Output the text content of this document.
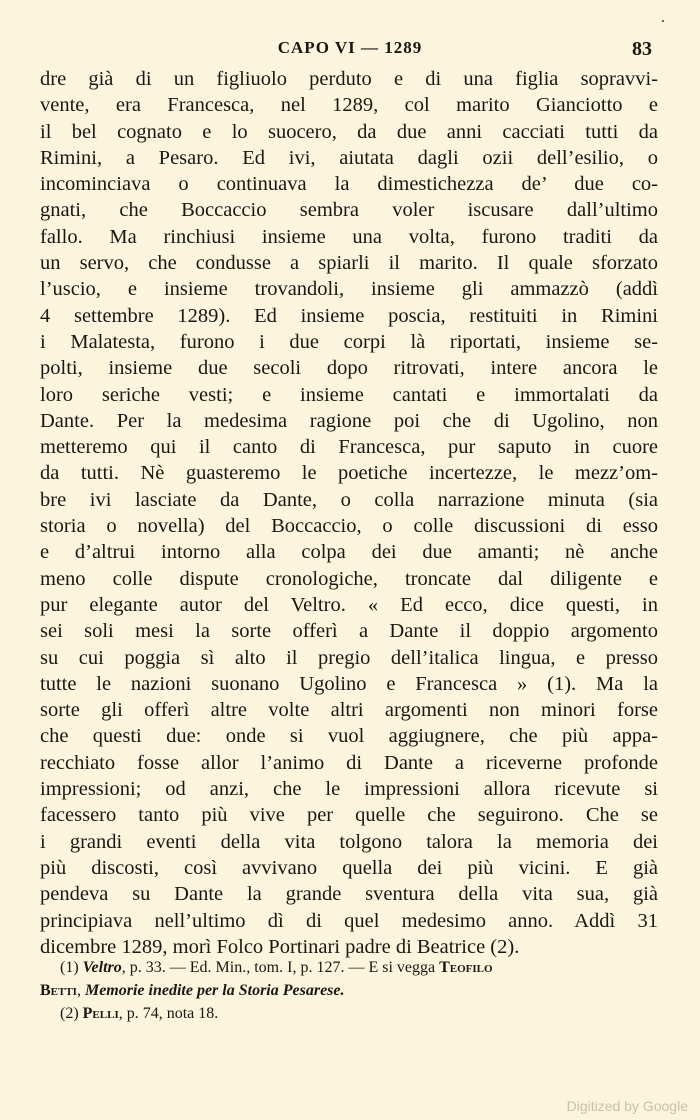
CAPO VI — 1289	83
dre già di un figliuolo perduto e di una figlia sopravvi-
vente, era Francesca, nel 1289, col marito Gianciotto e
il bel cognato e lo suocero, da due anni cacciati tutti da
Rimini, a Pesaro. Ed ivi, aiutata dagli ozii dell’esilio, o
incominciava o continuava la dimestichezza de’ due co-
gnati, che Boccaccio sembra voler iscusare dall’ultimo
fallo. Ma rinchiusi insieme una volta, furono traditi da
un servo, che condusse a spiarli il marito. Il quale sforzato
l’uscio, e insieme trovandoli, insieme gli ammazzò (addì
4 settembre 1289). Ed insieme poscia, restituiti in Rimini
i Malatesta, furono i due corpi là riportati, insieme se-
polti, insieme due secoli dopo ritrovati, intere ancora le
loro seriche vesti; e insieme cantati e immortalati da
Dante. Per la medesima ragione poi che di Ugolino, non
metteremo qui il canto di Francesca, pur saputo in cuore
da tutti. Nè guasteremo le poetiche incertezze, le mezz’om-
bre ivi lasciate da Dante, o colla narrazione minuta (sia
storia o novella) del Boccaccio, o colle discussioni di esso
e d’altrui intorno alla colpa dei due amanti; nè anche
meno colle dispute cronologiche, troncate dal diligente e
pur elegante autor del Veltro. « Ed ecco, dice questi, in
sei soli mesi la sorte offerì a Dante il doppio argomento
su cui poggia sì alto il pregio dell’italica lingua, e presso
tutte le nazioni suonano Ugolino e Francesca » (1). Ma la
sorte gli offerì altre volte altri argomenti non minori forse
che questi due: onde si vuol aggiugnere, che più appa-
recchiato fosse allor l’animo di Dante a riceverne profonde
impressioni; od anzi, che le impressioni allora ricevute si
facessero tanto più vive per quelle che seguirono. Che se
i grandi eventi della vita tolgono talora la memoria dei
più discosti, così avvivano quella dei più vicini. E già
pendeva su Dante la grande sventura della vita sua, già
principiava nell’ultimo dì di quel medesimo anno. Addì 31
dicembre 1289, morì Folco Portinari padre di Beatrice (2).
(1) Veltro, p. 33. — Ed. Min., tom. I, p. 127. — E si vegga Teofilo
Betti, Memorie inedite per la Storia Pesarese.
(2) Pelli, p. 74, nota 18.
Digitized by Google
